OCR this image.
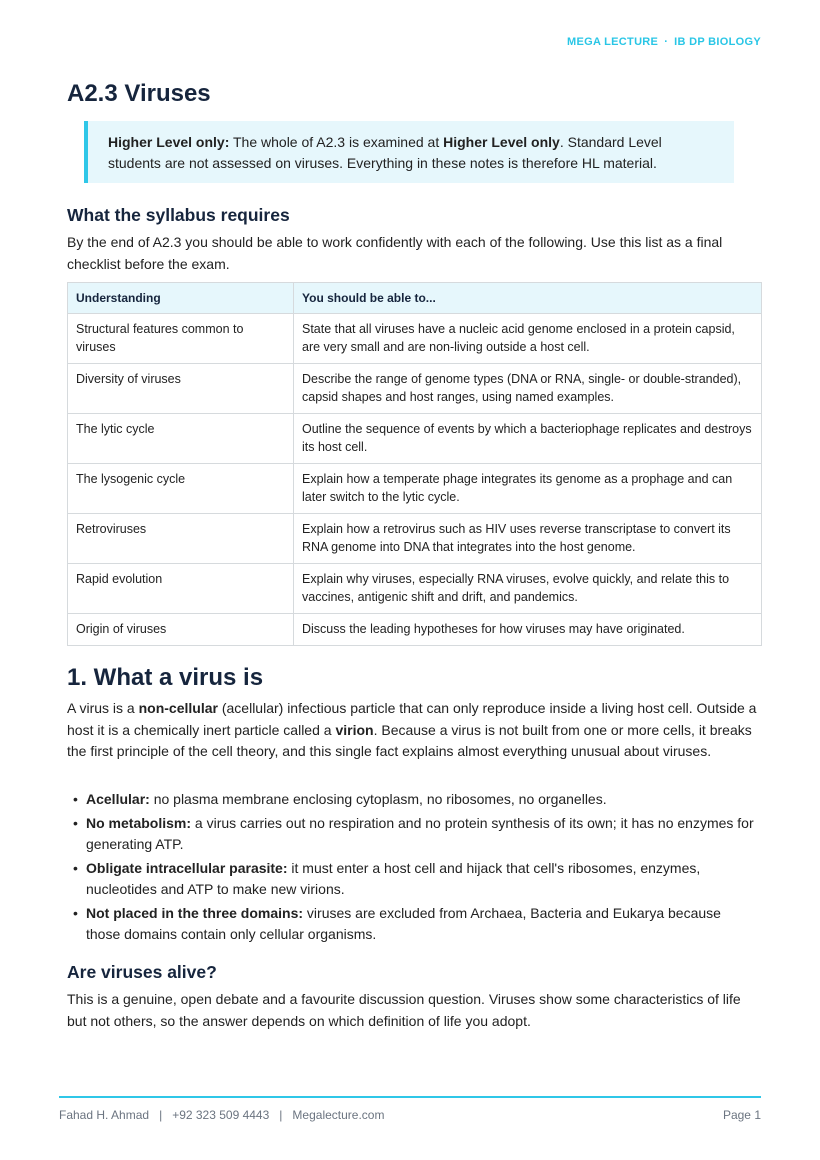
MEGA LECTURE · IB DP BIOLOGY
A2.3 Viruses
Higher Level only: The whole of A2.3 is examined at Higher Level only. Standard Level students are not assessed on viruses. Everything in these notes is therefore HL material.
What the syllabus requires

By the end of A2.3 you should be able to work confidently with each of the following. Use this list as a final checklist before the exam.

Understanding	You should be able to...
Structural features common to viruses	State that all viruses have a nucleic acid genome enclosed in a protein capsid, are very small and are non-living outside a host cell.
Diversity of viruses	Describe the range of genome types (DNA or RNA, single- or double-stranded), capsid shapes and host ranges, using named examples.
The lytic cycle	Outline the sequence of events by which a bacteriophage replicates and destroys its host cell.
The lysogenic cycle	Explain how a temperate phage integrates its genome as a prophage and can later switch to the lytic cycle.
Retroviruses	Explain how a retrovirus such as HIV uses reverse transcriptase to convert its RNA genome into DNA that integrates into the host genome.
Rapid evolution	Explain why viruses, especially RNA viruses, evolve quickly, and relate this to vaccines, antigenic shift and drift, and pandemics.
Origin of viruses	Discuss the leading hypotheses for how viruses may have originated.
1. What a virus is

A virus is a non-cellular (acellular) infectious particle that can only reproduce inside a living host cell. Outside a host it is a chemically inert particle called a virion. Because a virus is not built from one or more cells, it breaks the first principle of the cell theory, and this single fact explains almost everything unusual about viruses.

• Acellular: no plasma membrane enclosing cytoplasm, no ribosomes, no organelles.
• No metabolism: a virus carries out no respiration and no protein synthesis of its own; it has no enzymes for generating ATP.
• Obligate intracellular parasite: it must enter a host cell and hijack that cell's ribosomes, enzymes, nucleotides and ATP to make new virions.
• Not placed in the three domains: viruses are excluded from Archaea, Bacteria and Eukarya because those domains contain only cellular organisms.
Are viruses alive?

This is a genuine, open debate and a favourite discussion question. Viruses show some characteristics of life but not others, so the answer depends on which definition of life you adopt.

Fahad H. Ahmad | +92 323 509 4443 | Megalecture.com	Page 1
